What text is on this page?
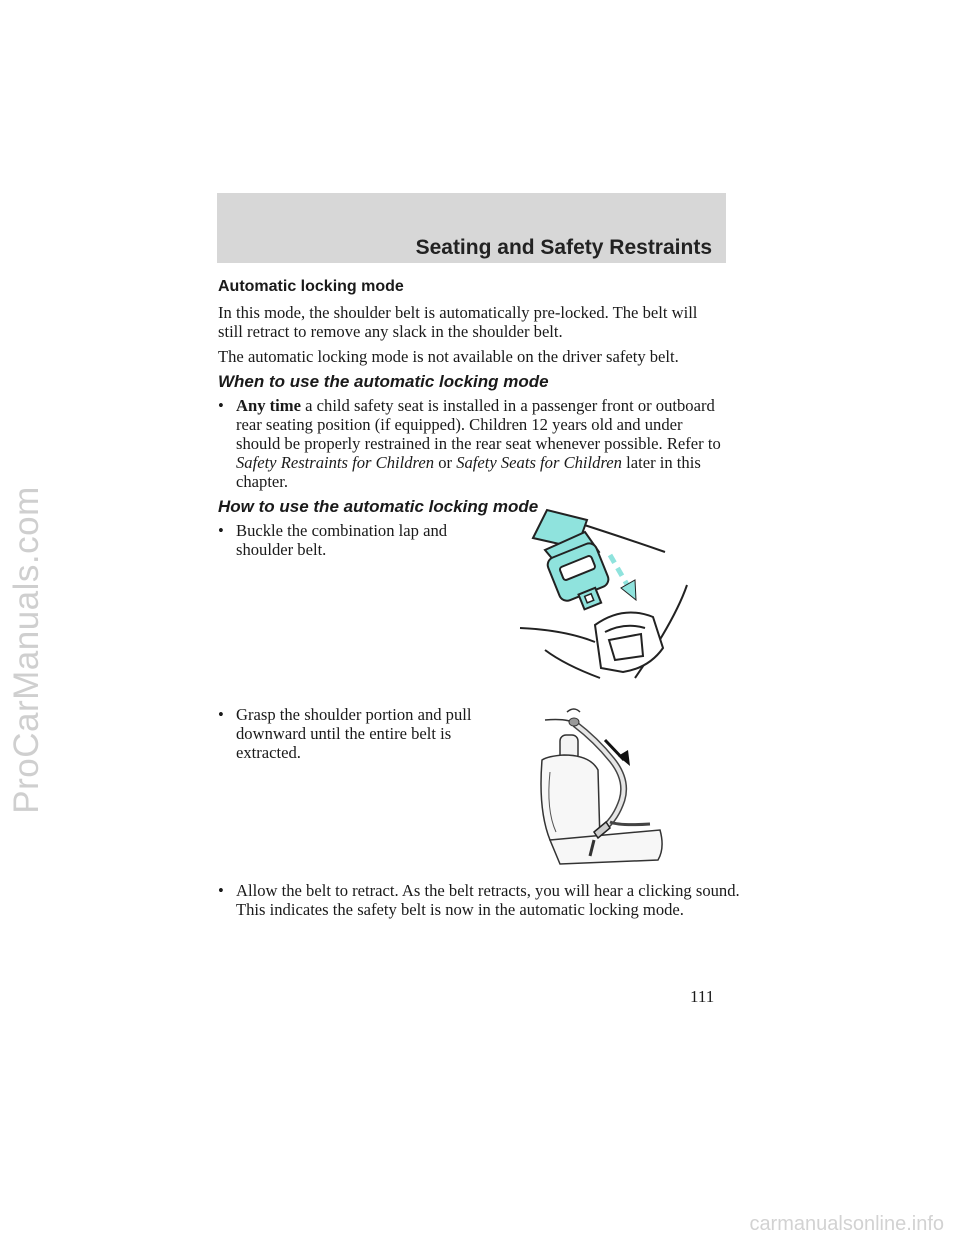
ProCarManuals.com
Seating and Safety Restraints
Automatic locking mode

In this mode, the shoulder belt is automatically pre-locked. The belt will still retract to remove any slack in the shoulder belt.

The automatic locking mode is not available on the driver safety belt.

When to use the automatic locking mode
• Any time a child safety seat is installed in a passenger front or outboard rear seating position (if equipped). Children 12 years old and under should be properly restrained in the rear seat whenever possible. Refer to Safety Restraints for Children or Safety Seats for Children later in this chapter.
How to use the automatic locking mode
• Buckle the combination lap and shoulder belt.
• Grasp the shoulder portion and pull downward until the entire belt is extracted.
• Allow the belt to retract. As the belt retracts, you will hear a clicking sound. This indicates the safety belt is now in the automatic locking mode.
111
carmanualsonline.info
